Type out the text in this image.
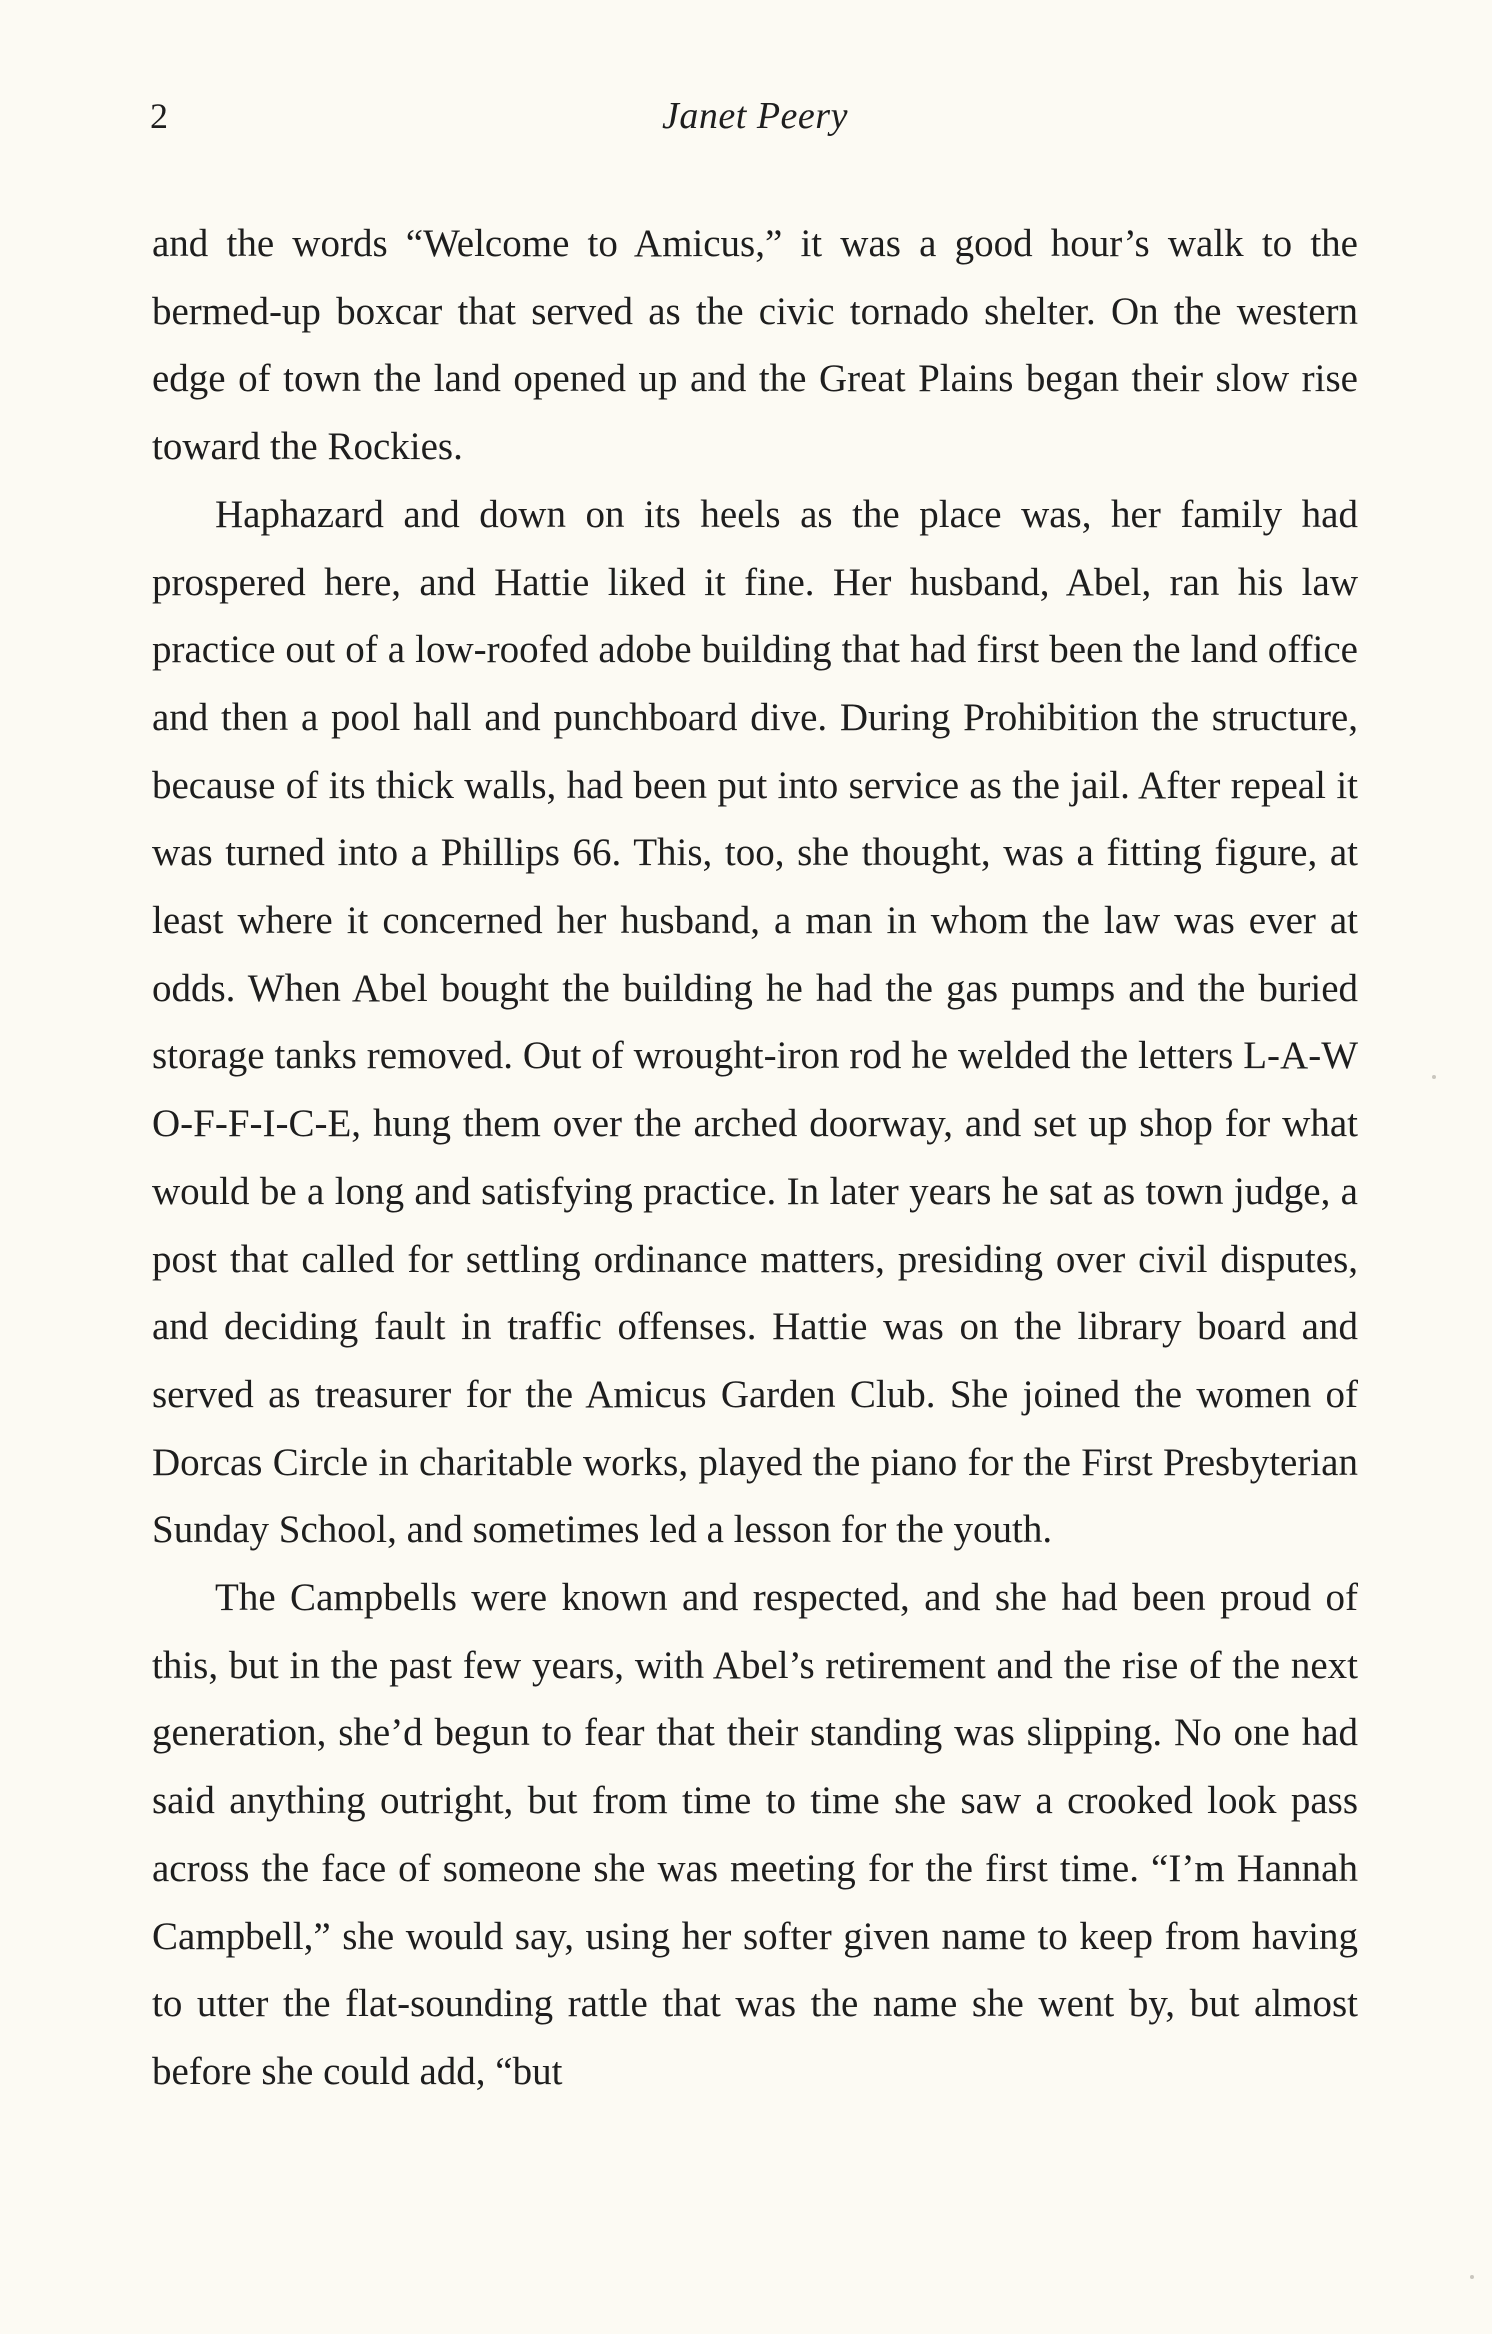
2	Janet Peery

and the words “Welcome to Amicus,” it was a good hour’s walk to the bermed-up boxcar that served as the civic tornado shelter. On the western edge of town the land opened up and the Great Plains began their slow rise toward the Rockies.

Haphazard and down on its heels as the place was, her family had prospered here, and Hattie liked it fine. Her husband, Abel, ran his law practice out of a low-roofed adobe building that had first been the land office and then a pool hall and punchboard dive. During Prohibition the structure, because of its thick walls, had been put into service as the jail. After repeal it was turned into a Phillips 66. This, too, she thought, was a fitting figure, at least where it concerned her husband, a man in whom the law was ever at odds. When Abel bought the building he had the gas pumps and the buried storage tanks removed. Out of wrought-iron rod he welded the letters L-A-W O-F-F-I-C-E, hung them over the arched doorway, and set up shop for what would be a long and satisfying practice. In later years he sat as town judge, a post that called for settling ordinance matters, presiding over civil disputes, and deciding fault in traffic offenses. Hattie was on the library board and served as treasurer for the Amicus Garden Club. She joined the women of Dorcas Circle in charitable works, played the piano for the First Presbyterian Sunday School, and sometimes led a lesson for the youth.

The Campbells were known and respected, and she had been proud of this, but in the past few years, with Abel’s retirement and the rise of the next generation, she’d begun to fear that their standing was slipping. No one had said anything outright, but from time to time she saw a crooked look pass across the face of someone she was meeting for the first time. “I’m Hannah Campbell,” she would say, using her softer given name to keep from having to utter the flat-sounding rattle that was the name she went by, but almost before she could add, “but
